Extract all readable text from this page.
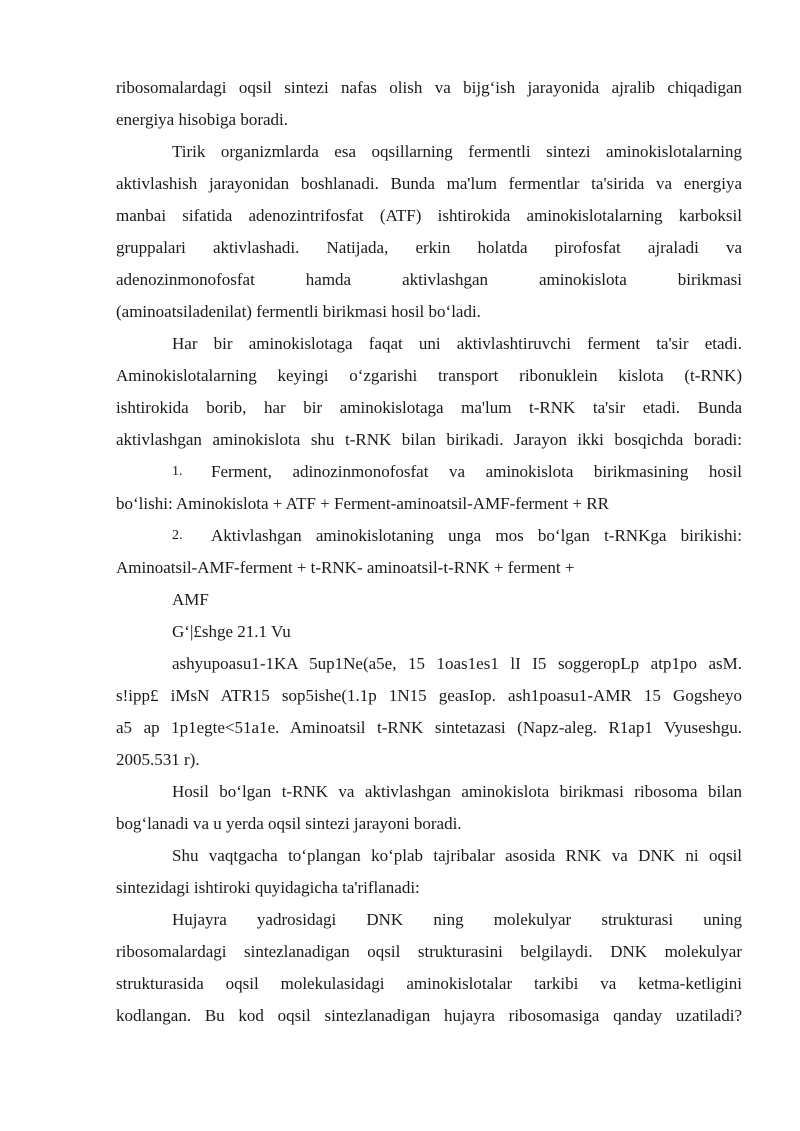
ribosomalardagi oqsil sintezi nafas olish va bijg‘ish jarayonida ajralib chiqadigan
energiya hisobiga boradi.
Tirik organizmlarda esa oqsillarning fermentli sintezi aminokislotalarning
aktivlashish jarayonidan boshlanadi. Bunda ma'lum fermentlar ta'sirida va energiya
manbai sifatida adenozintrifosfat (ATF) ishtirokida aminokislotalarning karboksil
gruppalari aktivlashadi. Natijada, erkin holatda pirofosfat ajraladi va
adenozinmonofosfat hamda aktivlashgan aminokislota birikmasi
(aminoatsiladenilat) fermentli birikmasi hosil bo‘ladi.
Har bir aminokislotaga faqat uni aktivlashtiruvchi ferment ta'sir etadi.
Aminokislotalarning keyingi o‘zgarishi transport ribonuklein kislota (t-RNK)
ishtirokida borib, har bir aminokislotaga ma'lum t-RNK ta'sir etadi. Bunda
aktivlashgan aminokislota shu t-RNK bilan birikadi. Jarayon ikki bosqichda boradi:
1.	Ferment, adinozinmonofosfat va aminokislota birikmasining hosil
bo‘lishi: Aminokislota + ATF + Ferment-aminoatsil-AMF-ferment + RR
2.	Aktivlashgan aminokislotaning unga mos bo‘lgan t-RNKga birikishi:
Aminoatsil-AMF-ferment + t-RNK- aminoatsil-t-RNK + ferment +
AMF
G‘|£shge 21.1 Vu
ashyupoasu1-1KA 5up1Ne(a5e, 15 1oas1es1 lI I5 soggeropLp atp1po asM.
s!ipp£ iMsN ATR15 sop5ishe(1.1p 1N15 geasIop. ash1poasu1-AMR 15 Gogsheyo
a5 ap 1p1egte<51a1e. Aminoatsil t-RNK sintetazasi (Napz-aleg. R1ap1 Vyuseshgu.
2005.531 r).
Hosil bo‘lgan t-RNK va aktivlashgan aminokislota birikmasi ribosoma bilan
bog‘lanadi va u yerda oqsil sintezi jarayoni boradi.
Shu vaqtgacha to‘plangan ko‘plab tajribalar asosida RNK va DNK ni oqsil
sintezidagi ishtiroki quyidagicha ta'riflanadi:
Hujayra yadrosidagi DNK ning molekulyar strukturasi uning
ribosomalardagi sintezlanadigan oqsil strukturasini belgilaydi. DNK molekulyar
strukturasida oqsil molekulasidagi aminokislotalar tarkibi va ketma-ketligini
kodlangan. Bu kod oqsil sintezlanadigan hujayra ribosomasiga qanday uzatiladi?
